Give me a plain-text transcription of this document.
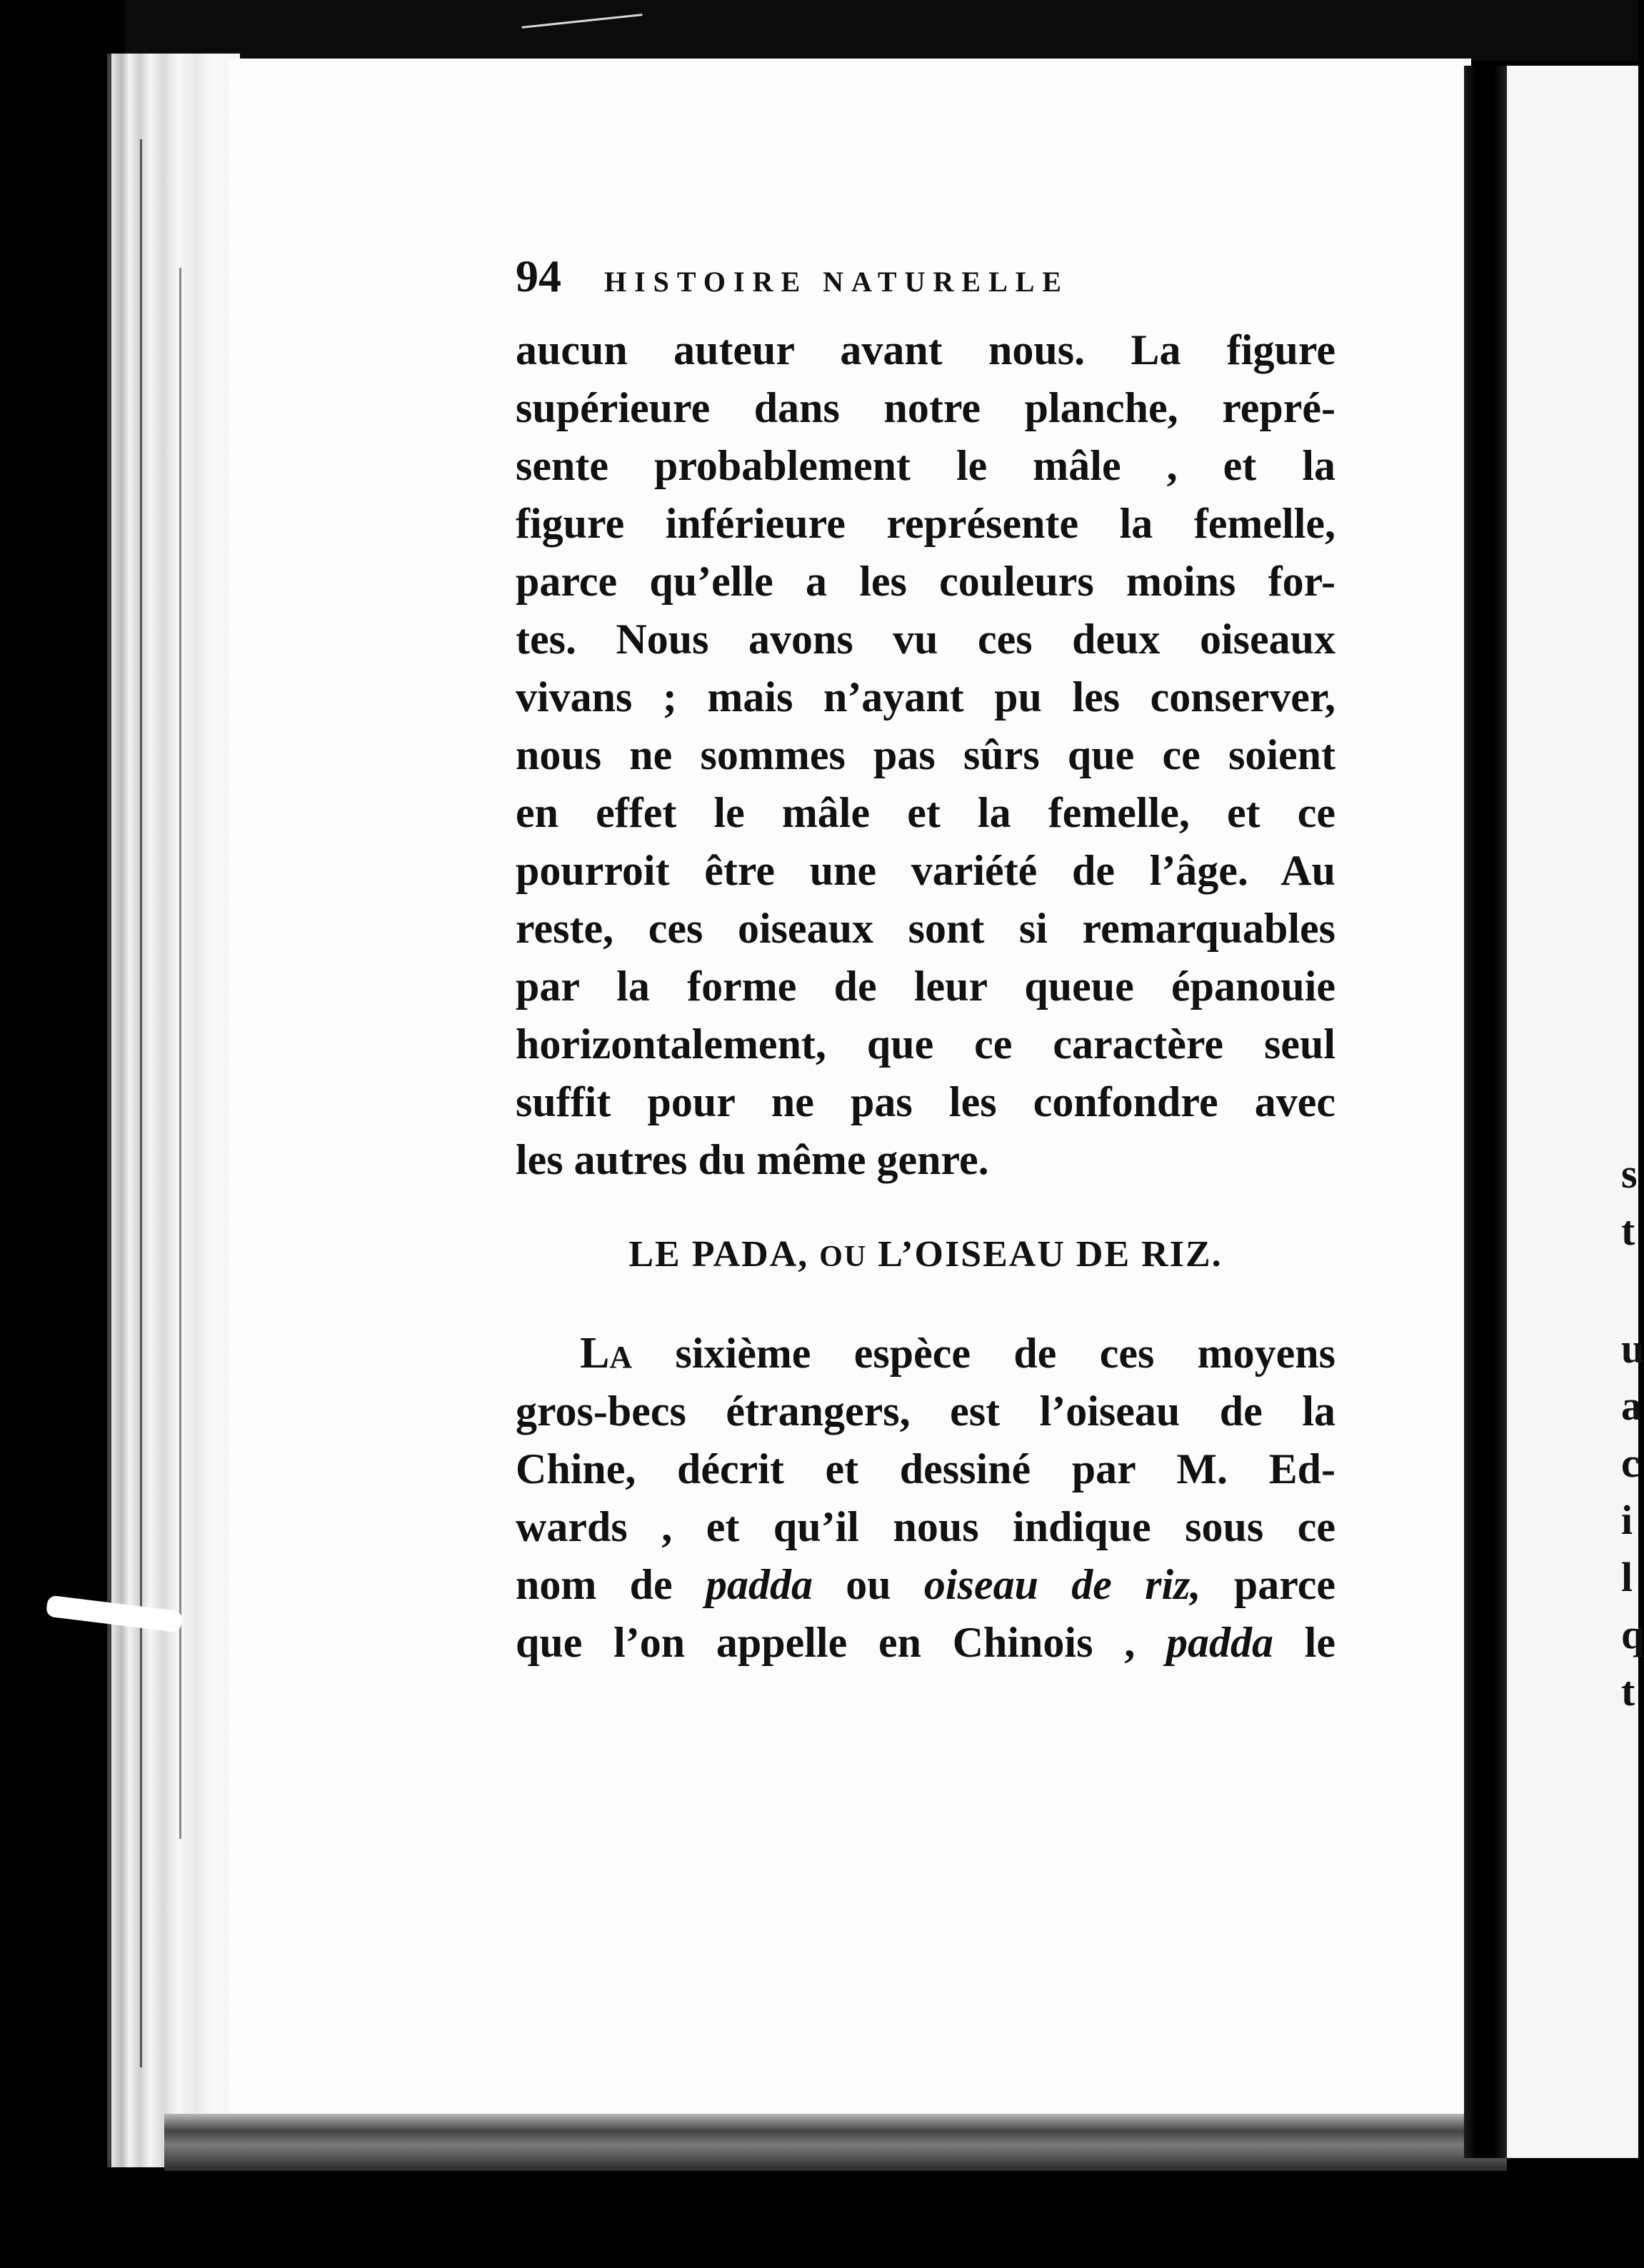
s
t
u
a
c
i
l
q
t
94 HISTOIRE NATURELLE
aucun auteur avant nous. La figure
supérieure dans notre planche, repré-
sente probablement le mâle , et la
figure inférieure représente la femelle,
parce qu’elle a les couleurs moins for-
tes. Nous avons vu ces deux oiseaux
vivans ; mais n’ayant pu les conserver,
nous ne sommes pas sûrs que ce soient
en effet le mâle et la femelle, et ce
pourroit être une variété de l’âge. Au
reste, ces oiseaux sont si remarquables
par la forme de leur queue épanouie
horizontalement, que ce caractère seul
suffit pour ne pas les confondre avec
les autres du même genre.
LE PADA, OU L’OISEAU DE RIZ.
LA sixième espèce de ces moyens
gros-becs étrangers, est l’oiseau de la
Chine, décrit et dessiné par M. Ed-
wards , et qu’il nous indique sous ce
nom de padda ou oiseau de riz, parce
que l’on appelle en Chinois , padda le
